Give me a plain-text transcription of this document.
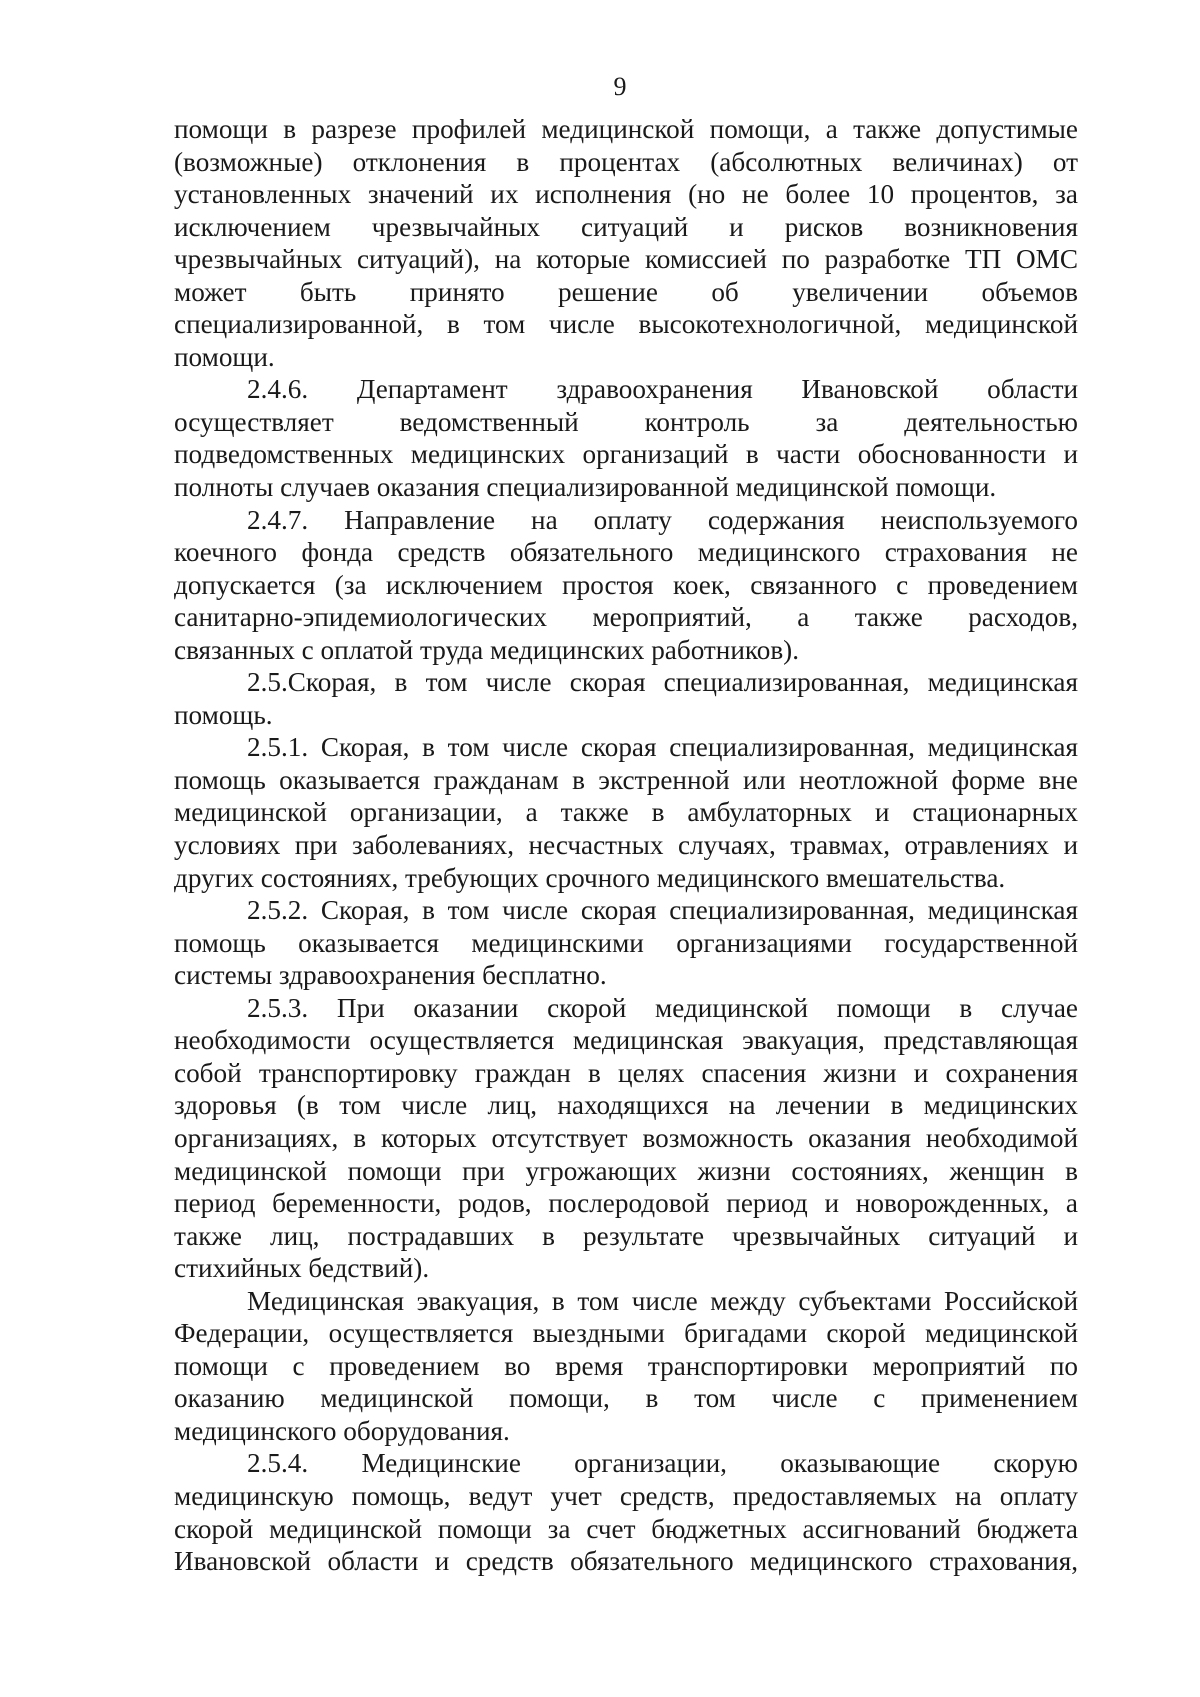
9

помощи в разрезе профилей медицинской помощи, а также допустимые
(возможные) отклонения в процентах (абсолютных величинах) от
установленных значений их исполнения (но не более 10 процентов, за
исключением чрезвычайных ситуаций и рисков возникновения
чрезвычайных ситуаций), на которые комиссией по разработке ТП ОМС
может быть принято решение об увеличении объемов
специализированной, в том числе высокотехнологичной, медицинской
помощи.

2.4.6. Департамент здравоохранения Ивановской области
осуществляет ведомственный контроль за деятельностью
подведомственных медицинских организаций в части обоснованности и
полноты случаев оказания специализированной медицинской помощи.

2.4.7. Направление на оплату содержания неиспользуемого
коечного фонда средств обязательного медицинского страхования не
допускается (за исключением простоя коек, связанного с проведением
санитарно-эпидемиологических мероприятий, а также расходов,
связанных с оплатой труда медицинских работников).

2.5.Скорая, в том числе скорая специализированная, медицинская
помощь.

2.5.1. Скорая, в том числе скорая специализированная, медицинская
помощь оказывается гражданам в экстренной или неотложной форме вне
медицинской организации, а также в амбулаторных и стационарных
условиях при заболеваниях, несчастных случаях, травмах, отравлениях и
других состояниях, требующих срочного медицинского вмешательства.

2.5.2. Скорая, в том числе скорая специализированная, медицинская
помощь оказывается медицинскими организациями государственной
системы здравоохранения бесплатно.

2.5.3. При оказании скорой медицинской помощи в случае
необходимости осуществляется медицинская эвакуация, представляющая
собой транспортировку граждан в целях спасения жизни и сохранения
здоровья (в том числе лиц, находящихся на лечении в медицинских
организациях, в которых отсутствует возможность оказания необходимой
медицинской помощи при угрожающих жизни состояниях, женщин в
период беременности, родов, послеродовой период и новорожденных, а
также лиц, пострадавших в результате чрезвычайных ситуаций и
стихийных бедствий).

Медицинская эвакуация, в том числе между субъектами Российской
Федерации, осуществляется выездными бригадами скорой медицинской
помощи с проведением во время транспортировки мероприятий по
оказанию медицинской помощи, в том числе с применением
медицинского оборудования.

2.5.4. Медицинские организации, оказывающие скорую
медицинскую помощь, ведут учет средств, предоставляемых на оплату
скорой медицинской помощи за счет бюджетных ассигнований бюджета
Ивановской области и средств обязательного медицинского страхования,
